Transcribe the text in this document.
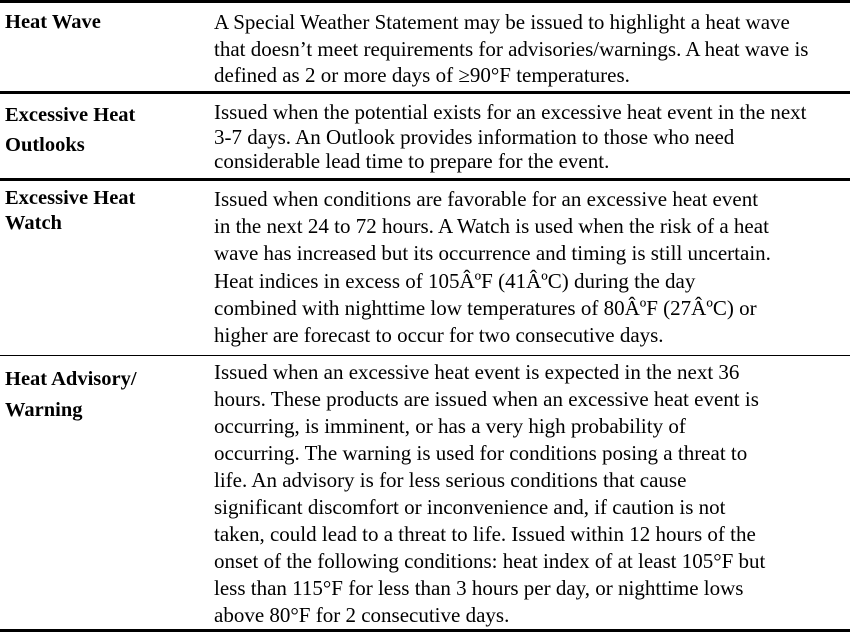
Heat Wave	A Special Weather Statement may be issued to highlight a heat wave
that doesn’t meet requirements for advisories/warnings. A heat wave is
defined as 2 or more days of ≥90°F temperatures.
Excessive Heat
Outlooks
Issued when the potential exists for an excessive heat event in the next
3-7 days. An Outlook provides information to those who need
considerable lead time to prepare for the event.
Excessive Heat
Watch
Issued when conditions are favorable for an excessive heat event
in the next 24 to 72 hours. A Watch is used when the risk of a heat
wave has increased but its occurrence and timing is still uncertain.
Heat indices in excess of 105Âº​F (41Âº​C) during the day
combined with nighttime low temperatures of 80Âº​F (27Âº​C) or
higher are forecast to occur for two consecutive days.
Heat Advisory/
Warning
Issued when an excessive heat event is expected in the next 36
hours. These products are issued when an excessive heat event is
occurring, is imminent, or has a very high probability of
occurring. The warning is used for conditions posing a threat to
life. An advisory is for less serious conditions that cause
significant discomfort or inconvenience and, if caution is not
taken, could lead to a threat to life. Issued within 12 hours of the
onset of the following conditions: heat index of at least 105°F but
less than 115°F for less than 3 hours per day, or nighttime lows
above 80°F for 2 consecutive days.
